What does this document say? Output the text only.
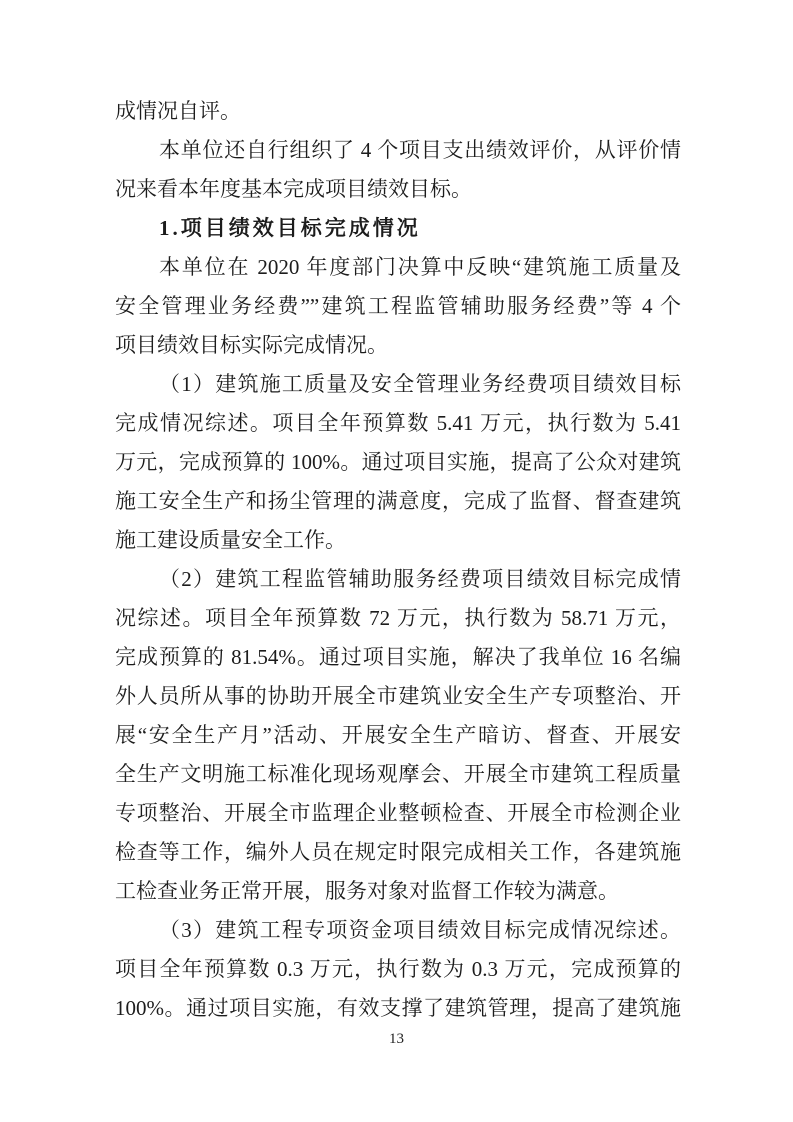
成情况自评。
本单位还自行组织了 4 个项目支出绩效评价，从评价情
况来看本年度基本完成项目绩效目标。
1.项目绩效目标完成情况
本单位在 2020 年度部门决算中反映“建筑施工质量及
安全管理业务经费””建筑工程监管辅助服务经费”等 4 个
项目绩效目标实际完成情况。
（1）建筑施工质量及安全管理业务经费项目绩效目标
完成情况综述。项目全年预算数 5.41 万元，执行数为 5.41
万元，完成预算的 100%。通过项目实施，提高了公众对建筑
施工安全生产和扬尘管理的满意度，完成了监督、督查建筑
施工建设质量安全工作。
（2）建筑工程监管辅助服务经费项目绩效目标完成情
况综述。项目全年预算数 72 万元，执行数为 58.71 万元，
完成预算的 81.54%。通过项目实施，解决了我单位 16 名编
外人员所从事的协助开展全市建筑业安全生产专项整治、开
展“安全生产月”活动、开展安全生产暗访、督查、开展安
全生产文明施工标准化现场观摩会、开展全市建筑工程质量
专项整治、开展全市监理企业整顿检查、开展全市检测企业
检查等工作，编外人员在规定时限完成相关工作，各建筑施
工检查业务正常开展，服务对象对监督工作较为满意。
（3）建筑工程专项资金项目绩效目标完成情况综述。
项目全年预算数 0.3 万元，执行数为 0.3 万元，完成预算的
100%。通过项目实施，有效支撑了建筑管理，提高了建筑施
13
